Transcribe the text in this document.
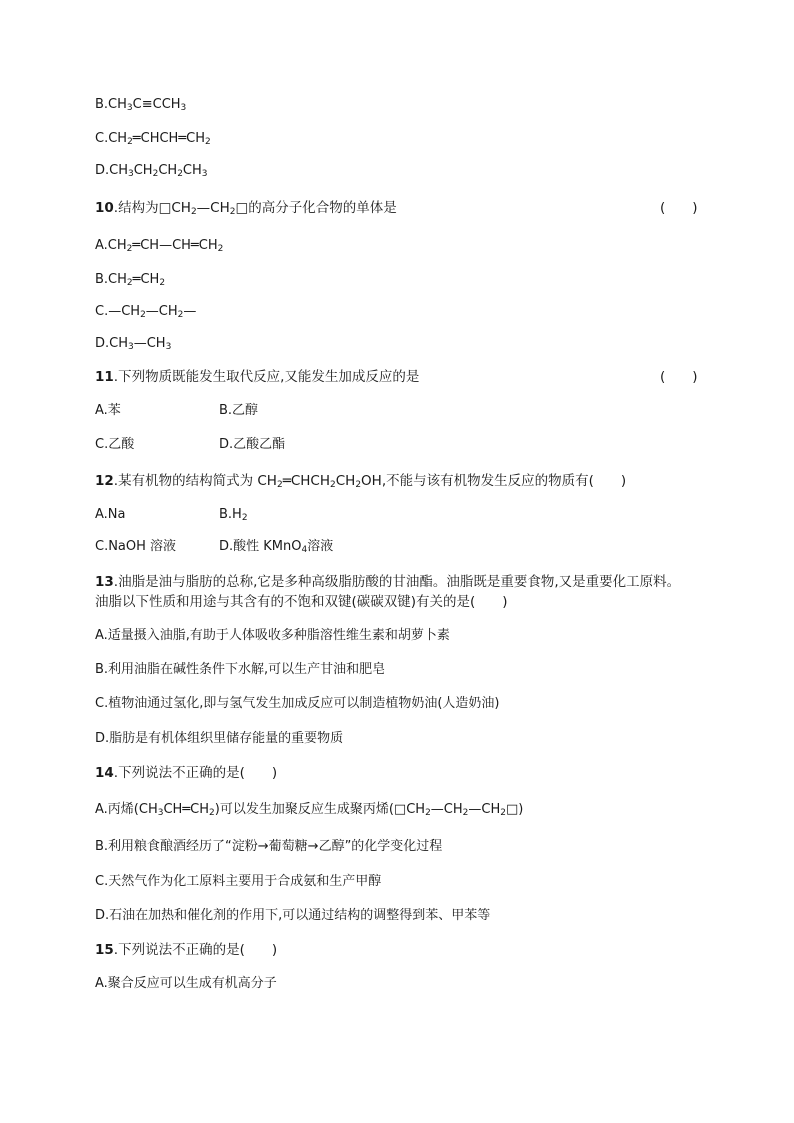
$B.CH_3C\equiv CCH_3$
$C.CH_2═CHCH═CH_2$
$D.CH_3CH_2CH_2CH_3$
10.结构为$□CH_2—CH_2□$的高分子化合物的单体是	(　　)
$A.CH_2═CH—CH═CH_2$
$B.CH_2═CH_2$
$C.—CH_2—CH_2—$
$D.CH_3—CH_3$
11.下列物质既能发生取代反应,又能发生加成反应的是	(　　)
A.苯	B.乙醇
C.乙酸	D.乙酸乙酯
12.某有机物的结构简式为 $CH_2═CHCH_2CH_2OH$,不能与该有机物发生反应的物质有(　　)
A.Na	$B.H_2$
C.NaOH 溶液	D.酸性 KMnO$_4$溶液
13.油脂是油与脂肪的总称,它是多种高级脂肪酸的甘油酯。油脂既是重要食物,又是重要化工原料。
油脂以下性质和用途与其含有的不饱和双键(碳碳双键)有关的是(　　)
A.适量摄入油脂,有助于人体吸收多种脂溶性维生素和胡萝卜素
B.利用油脂在碱性条件下水解,可以生产甘油和肥皂
C.植物油通过氢化,即与氢气发生加成反应可以制造植物奶油(人造奶油)
D.脂肪是有机体组织里储存能量的重要物质
14.下列说法不正确的是(　　)
A.丙烯$(CH_3CH═CH_2)$可以发生加聚反应生成聚丙烯$(□CH_2—CH_2—CH_2□)$
B.利用粮食酿酒经历了“淀粉→葡萄糖→乙醇”的化学变化过程
C.天然气作为化工原料主要用于合成氨和生产甲醇
D.石油在加热和催化剂的作用下,可以通过结构的调整得到苯、甲苯等
15.下列说法不正确的是(　　)
A.聚合反应可以生成有机高分子
